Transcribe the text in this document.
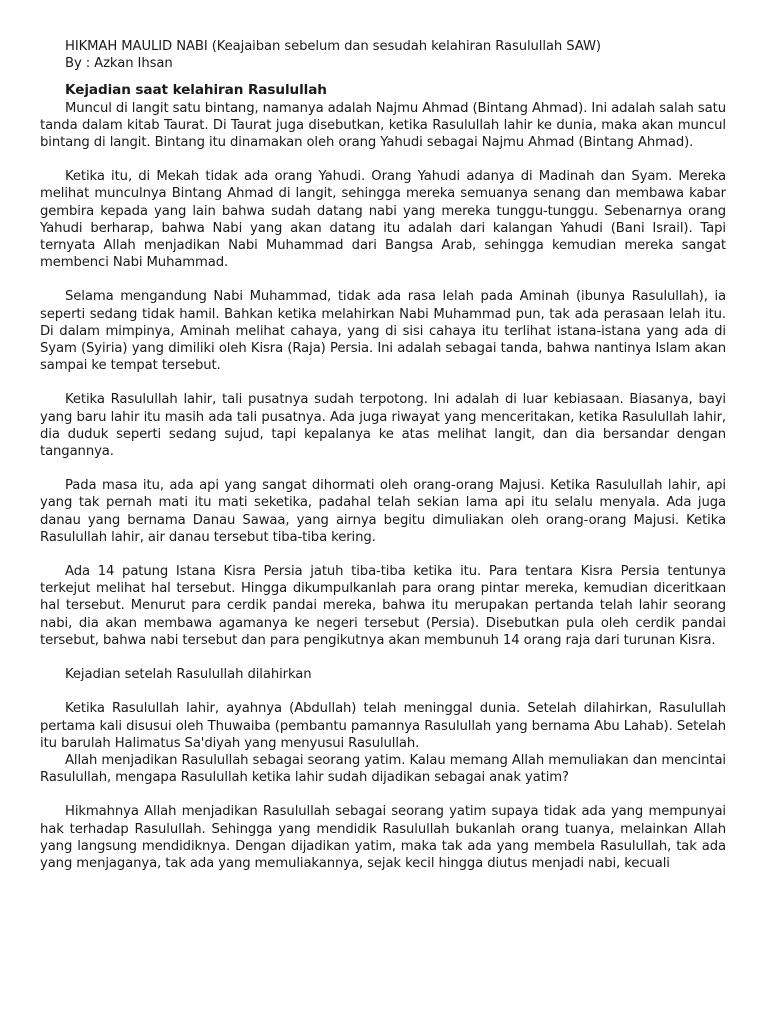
HIKMAH MAULID NABI (Keajaiban sebelum dan sesudah kelahiran Rasulullah SAW)

By : Azkan Ihsan

Kejadian saat kelahiran Rasulullah

Muncul di langit satu bintang, namanya adalah Najmu Ahmad (Bintang Ahmad). Ini adalah salah satu tanda dalam kitab Taurat. Di Taurat juga disebutkan, ketika Rasulullah lahir ke dunia, maka akan muncul bintang di langit. Bintang itu dinamakan oleh orang Yahudi sebagai Najmu Ahmad (Bintang Ahmad).

Ketika itu, di Mekah tidak ada orang Yahudi. Orang Yahudi adanya di Madinah dan Syam. Mereka melihat munculnya Bintang Ahmad di langit, sehingga mereka semuanya senang dan membawa kabar gembira kepada yang lain bahwa sudah datang nabi yang mereka tunggu-tunggu. Sebenarnya orang Yahudi berharap, bahwa Nabi yang akan datang itu adalah dari kalangan Yahudi (Bani Israil). Tapi ternyata Allah menjadikan Nabi Muhammad dari Bangsa Arab, sehingga kemudian mereka sangat membenci Nabi Muhammad.

Selama mengandung Nabi Muhammad, tidak ada rasa lelah pada Aminah (ibunya Rasulullah), ia seperti sedang tidak hamil. Bahkan ketika melahirkan Nabi Muhammad pun, tak ada perasaan lelah itu. Di dalam mimpinya, Aminah melihat cahaya, yang di sisi cahaya itu terlihat istana-istana yang ada di Syam (Syiria) yang dimiliki oleh Kisra (Raja) Persia. Ini adalah sebagai tanda, bahwa nantinya Islam akan sampai ke tempat tersebut.

Ketika Rasulullah lahir, tali pusatnya sudah terpotong. Ini adalah di luar kebiasaan. Biasanya, bayi yang baru lahir itu masih ada tali pusatnya. Ada juga riwayat yang menceritakan, ketika Rasulullah lahir, dia duduk seperti sedang sujud, tapi kepalanya ke atas melihat langit, dan dia bersandar dengan tangannya.

Pada masa itu, ada api yang sangat dihormati oleh orang-orang Majusi. Ketika Rasulullah lahir, api yang tak pernah mati itu mati seketika, padahal telah sekian lama api itu selalu menyala. Ada juga danau yang bernama Danau Sawaa, yang airnya begitu dimuliakan oleh orang-orang Majusi. Ketika Rasulullah lahir, air danau tersebut tiba-tiba kering.

Ada 14 patung Istana Kisra Persia jatuh tiba-tiba ketika itu. Para tentara Kisra Persia tentunya terkejut melihat hal tersebut. Hingga dikumpulkanlah para orang pintar mereka, kemudian diceritkaan hal tersebut. Menurut para cerdik pandai mereka, bahwa itu merupakan pertanda telah lahir seorang nabi, dia akan membawa agamanya ke negeri tersebut (Persia). Disebutkan pula oleh cerdik pandai tersebut, bahwa nabi tersebut dan para pengikutnya akan membunuh 14 orang raja dari turunan Kisra.

Kejadian setelah Rasulullah dilahirkan

Ketika Rasulullah lahir, ayahnya (Abdullah) telah meninggal dunia. Setelah dilahirkan, Rasulullah pertama kali disusui oleh Thuwaiba (pembantu pamannya Rasulullah yang bernama Abu Lahab). Setelah itu barulah Halimatus Sa'diyah yang menyusui Rasulullah.

Allah menjadikan Rasulullah sebagai seorang yatim. Kalau memang Allah memuliakan dan mencintai Rasulullah, mengapa Rasulullah ketika lahir sudah dijadikan sebagai anak yatim?

Hikmahnya Allah menjadikan Rasulullah sebagai seorang yatim supaya tidak ada yang mempunyai hak terhadap Rasulullah. Sehingga yang mendidik Rasulullah bukanlah orang tuanya, melainkan Allah yang langsung mendidiknya. Dengan dijadikan yatim, maka tak ada yang membela Rasulullah, tak ada yang menjaganya, tak ada yang memuliakannya, sejak kecil hingga diutus menjadi nabi, kecuali
